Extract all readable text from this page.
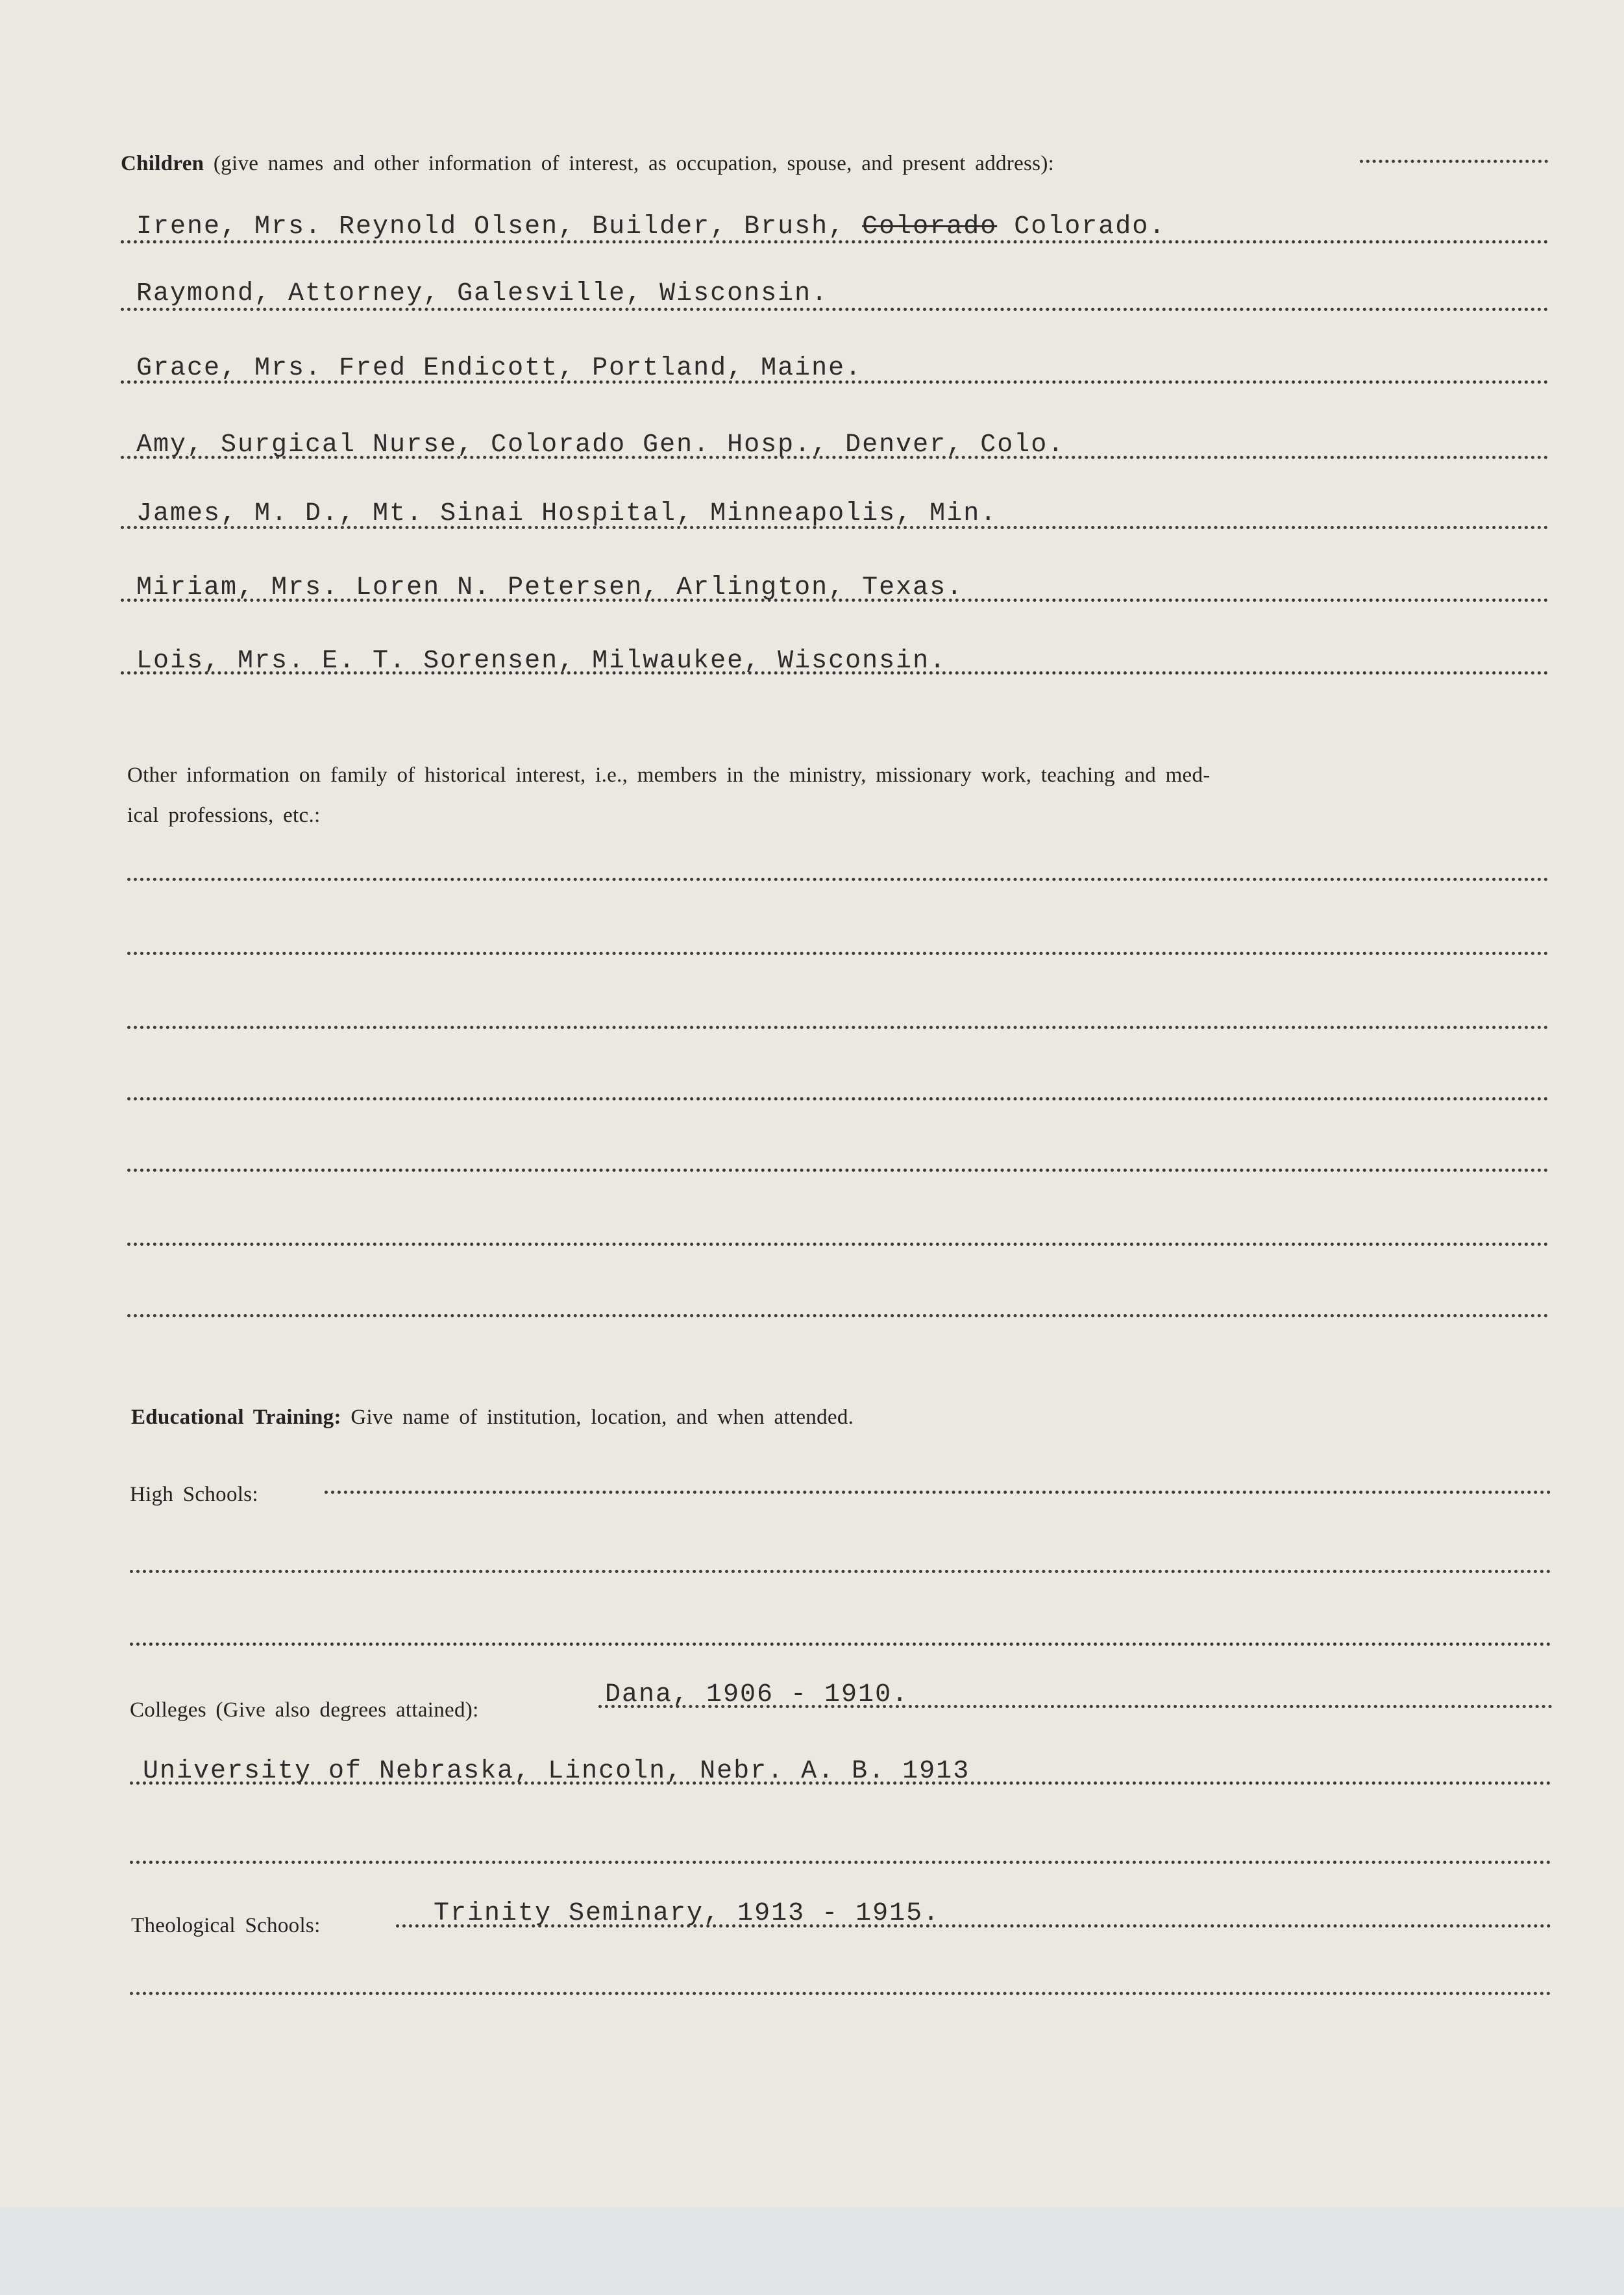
Children (give names and other information of interest, as occupation, spouse, and present address):
Irene, Mrs. Reynold Olsen, Builder, Brush, Colorado Colorado.
Raymond, Attorney, Galesville, Wisconsin.
Grace, Mrs. Fred Endicott, Portland, Maine.
Amy, Surgical Nurse, Colorado Gen. Hosp., Denver, Colo.
James, M. D., Mt. Sinai Hospital, Minneapolis, Min.
Miriam, Mrs. Loren N. Petersen, Arlington, Texas.
Lois, Mrs. E. T. Sorensen, Milwaukee, Wisconsin.
Other information on family of historical interest, i.e., members in the ministry, missionary work, teaching and med-
ical professions, etc.:
Educational Training: Give name of institution, location, and when attended.
High Schools:
Colleges (Give also degrees attained):
Dana, 1906 - 1910.
University of Nebraska, Lincoln, Nebr. A. B. 1913
Theological Schools:	Trinity Seminary, 1913 - 1915.
